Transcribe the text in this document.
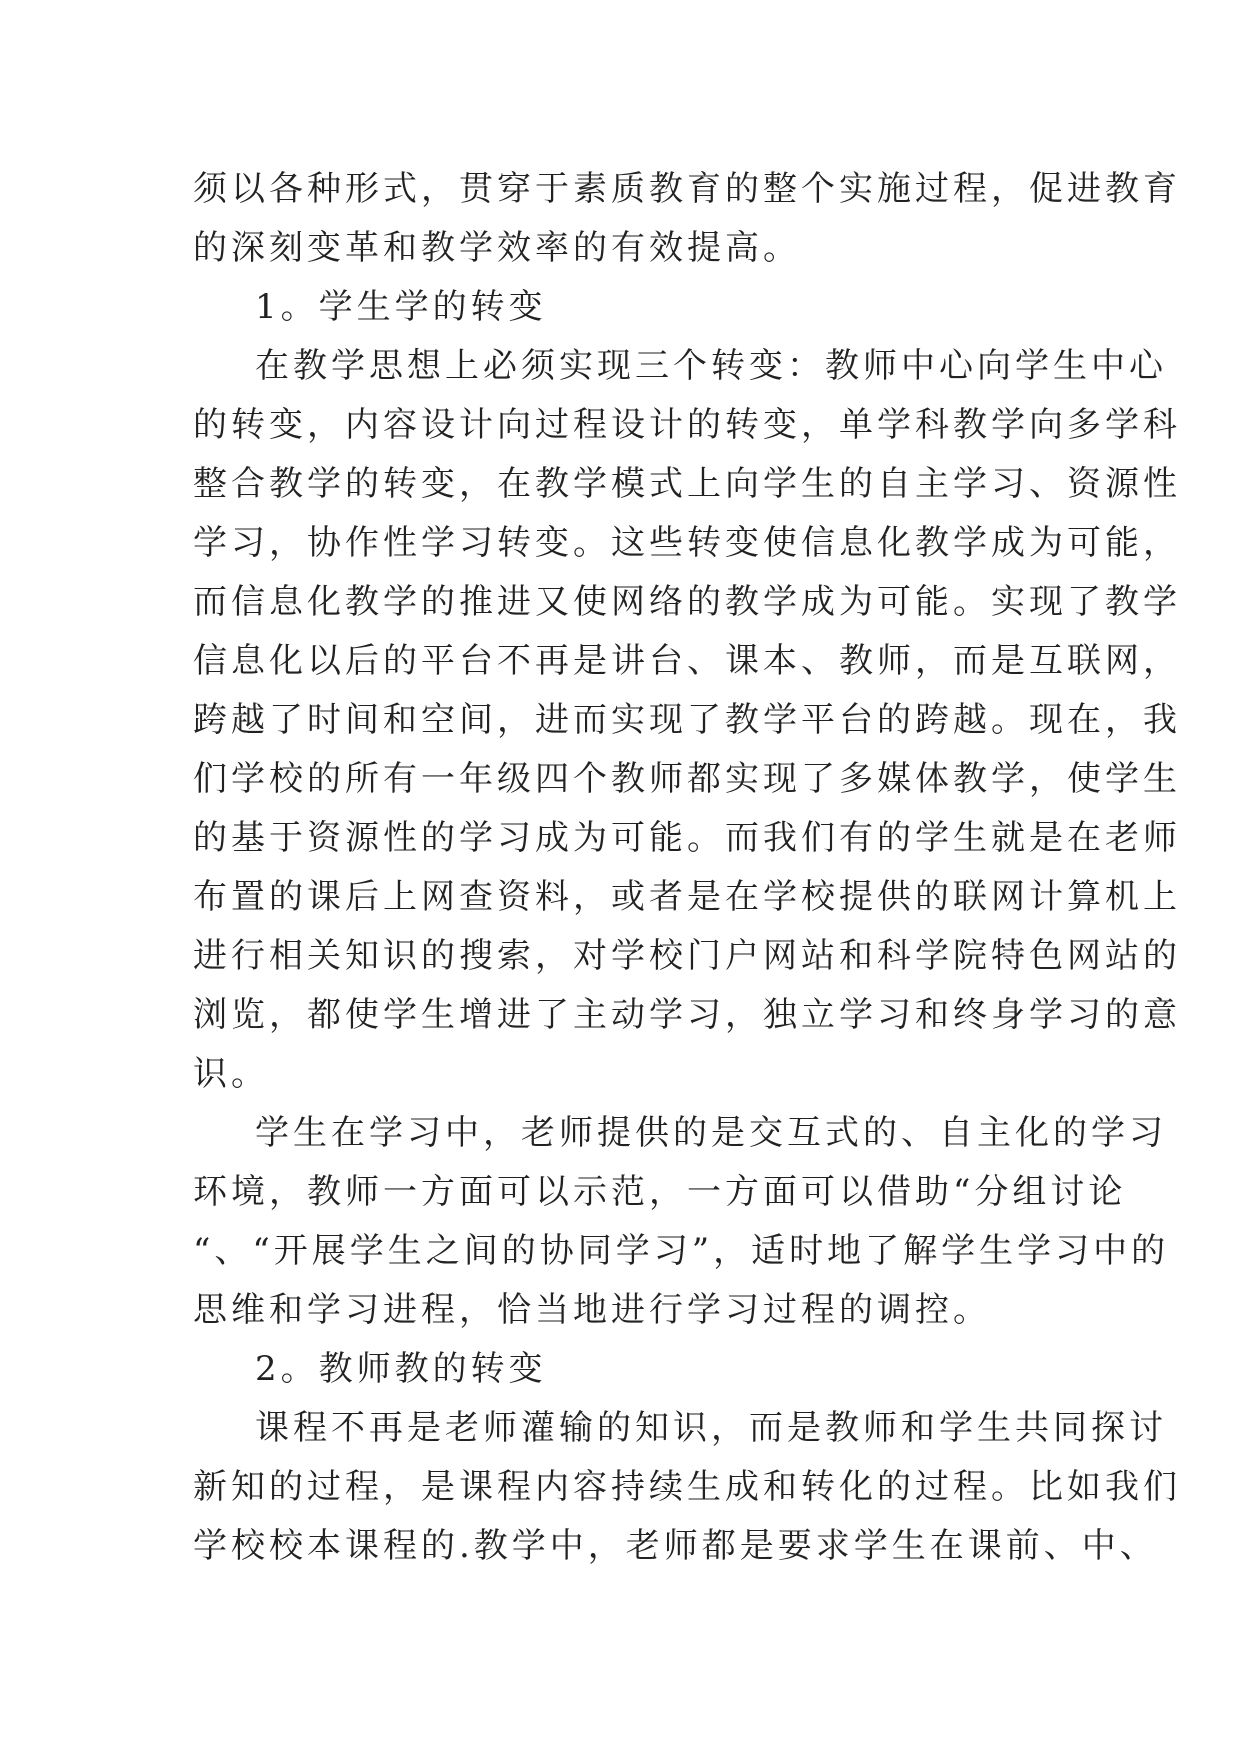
须以各种形式，贯穿于素质教育的整个实施过程，促进教育
的深刻变革和教学效率的有效提高。
1。学生学的转变
在教学思想上必须实现三个转变：教师中心向学生中心
的转变，内容设计向过程设计的转变，单学科教学向多学科
整合教学的转变，在教学模式上向学生的自主学习、资源性
学习，协作性学习转变。这些转变使信息化教学成为可能，
而信息化教学的推进又使网络的教学成为可能。实现了教学
信息化以后的平台不再是讲台、课本、教师，而是互联网，
跨越了时间和空间，进而实现了教学平台的跨越。现在，我
们学校的所有一年级四个教师都实现了多媒体教学，使学生
的基于资源性的学习成为可能。而我们有的学生就是在老师
布置的课后上网查资料，或者是在学校提供的联网计算机上
进行相关知识的搜索，对学校门户网站和科学院特色网站的
浏览，都使学生增进了主动学习，独立学习和终身学习的意
识。
学生在学习中，老师提供的是交互式的、自主化的学习
环境，教师一方面可以示范，一方面可以借助“分组讨论
“、“开展学生之间的协同学习”，适时地了解学生学习中的
思维和学习进程，恰当地进行学习过程的调控。
2。教师教的转变
课程不再是老师灌输的知识，而是教师和学生共同探讨
新知的过程，是课程内容持续生成和转化的过程。比如我们
学校校本课程的.教学中，老师都是要求学生在课前、中、
